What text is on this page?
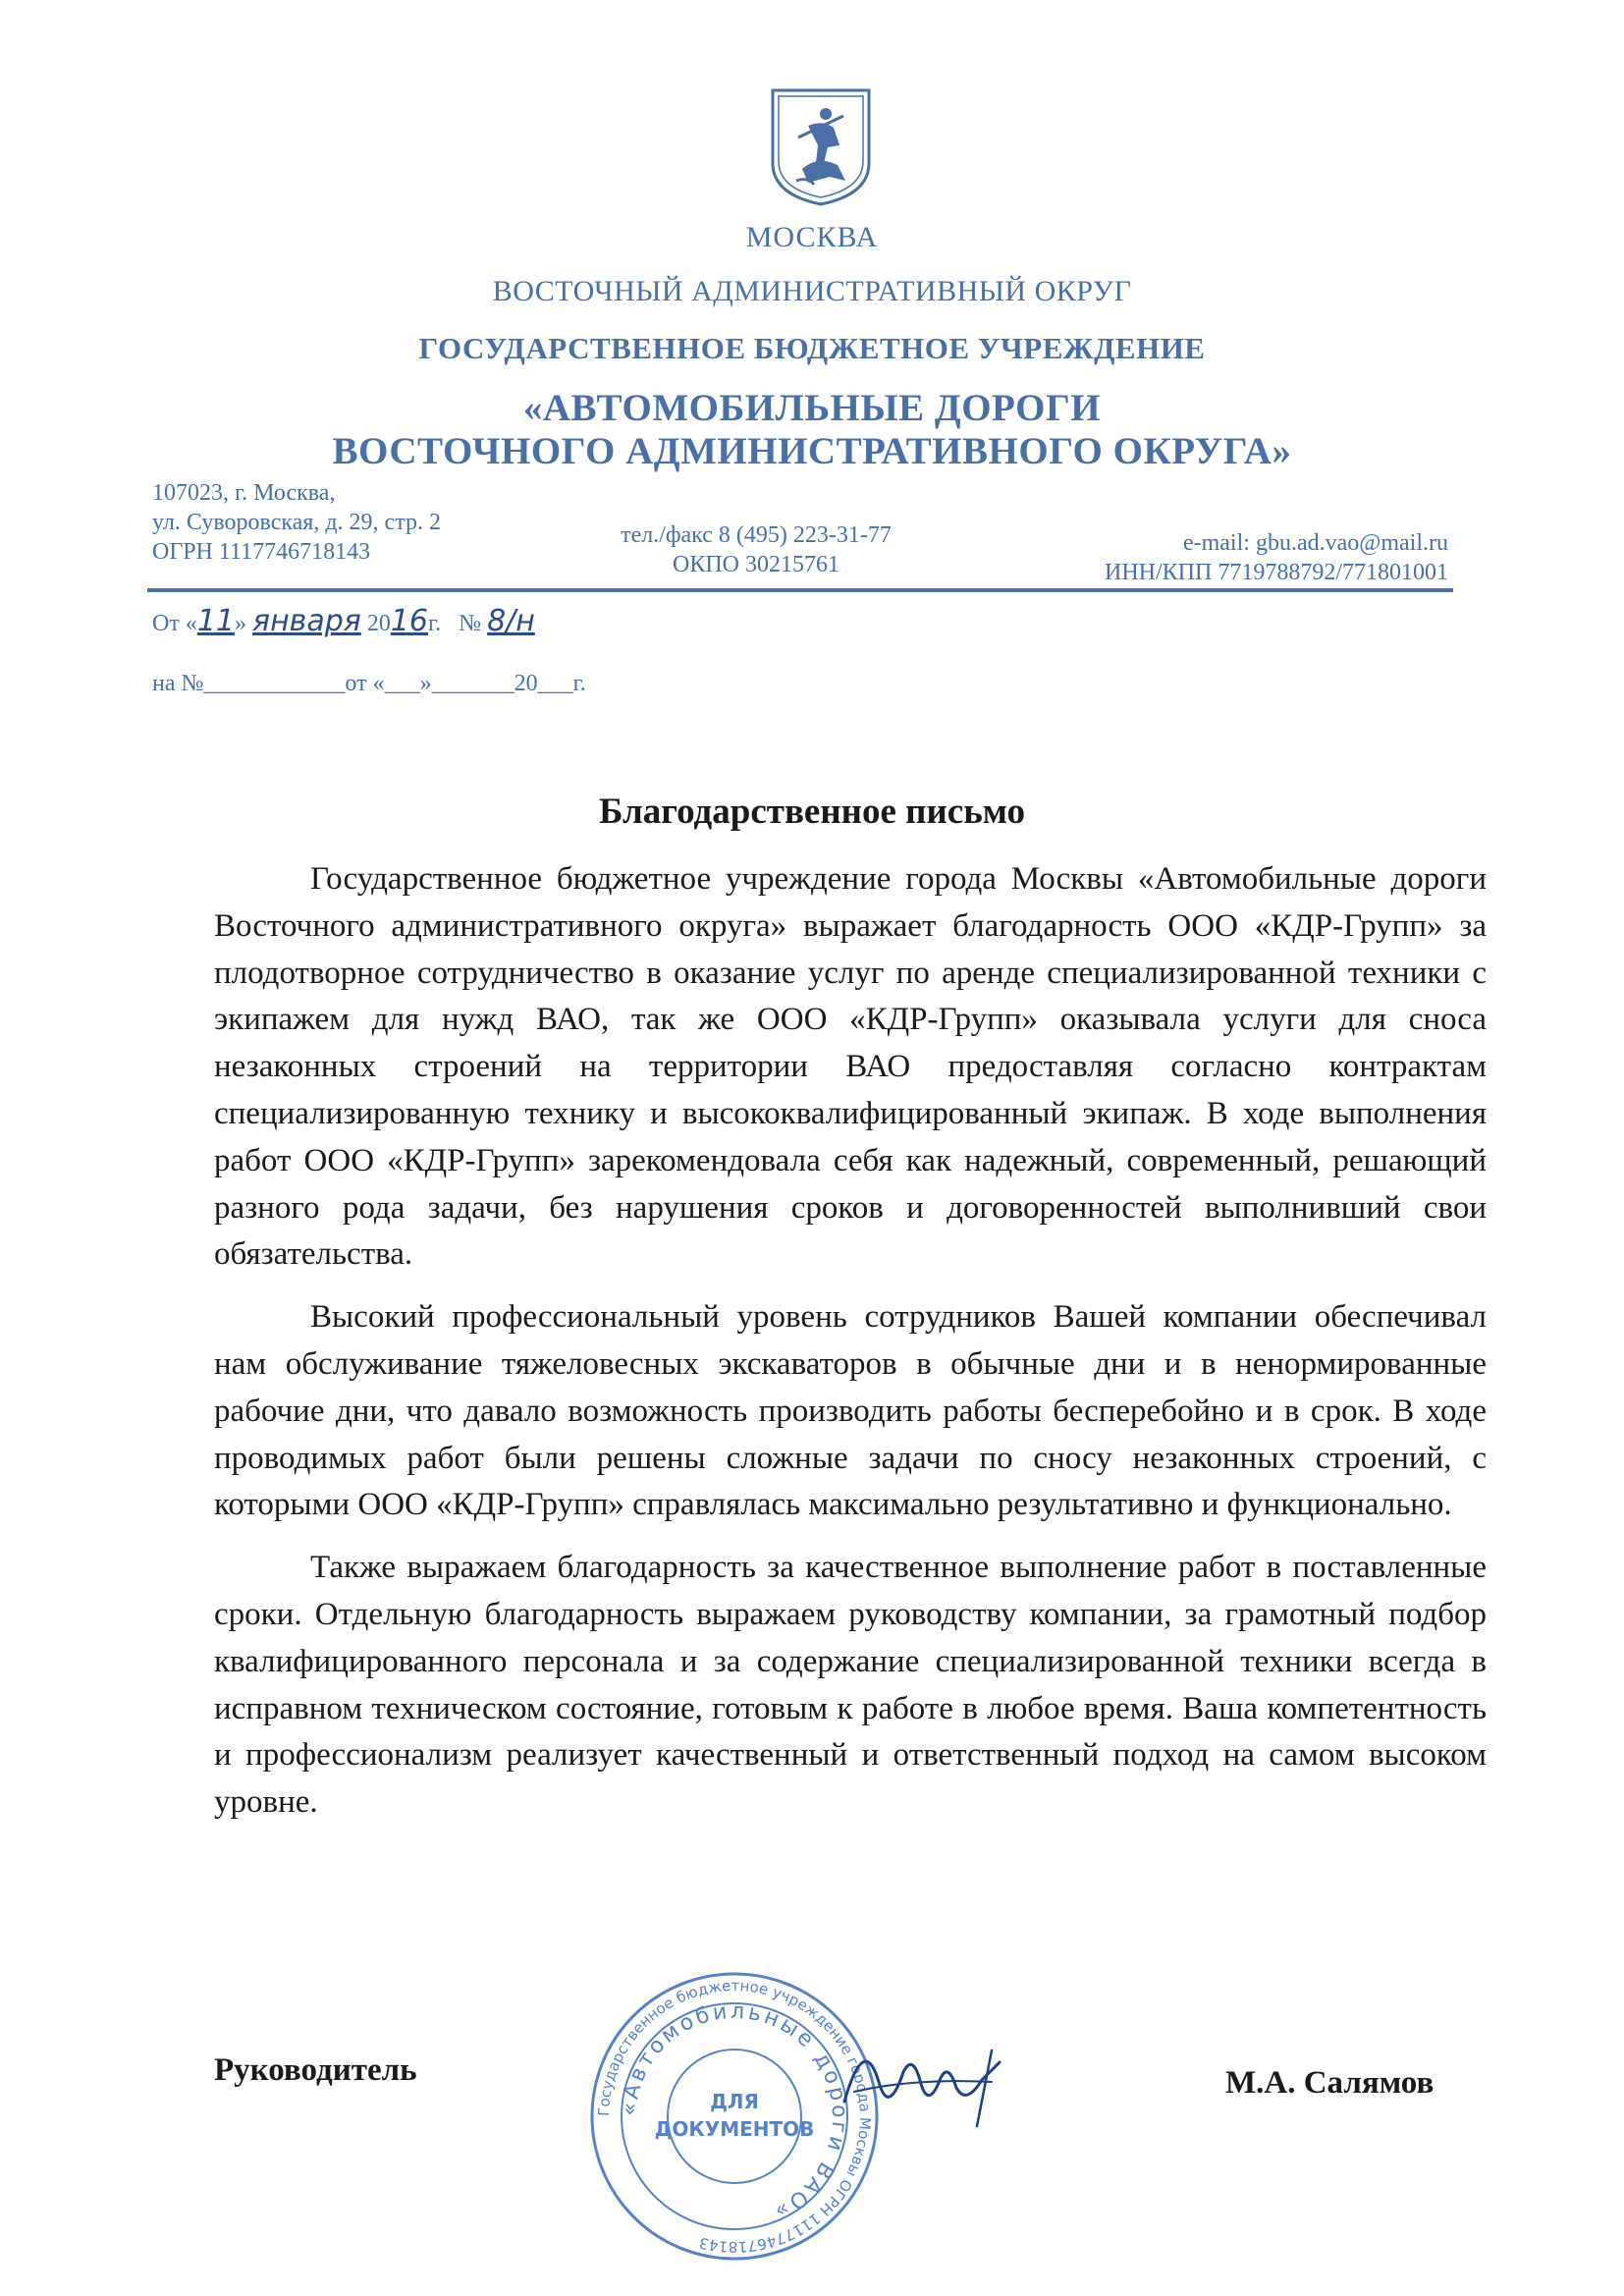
МОСКВА
ВОСТОЧНЫЙ АДМИНИСТРАТИВНЫЙ ОКРУГ
ГОСУДАРСТВЕННОЕ БЮДЖЕТНОЕ УЧРЕЖДЕНИЕ
«АВТОМОБИЛЬНЫЕ ДОРОГИ
ВОСТОЧНОГО АДМИНИСТРАТИВНОГО ОКРУГА»
107023, г. Москва,
ул. Суворовская, д. 29, стр. 2
ОГРН 1117746718143
тел./факс 8 (495) 223-31-77
ОКПО 30215761
e-mail: gbu.ad.vao@mail.ru
ИНН/КПП 7719788792/771801001
От «11» января 2016г. № 8/н
на №____________от «___»_______20___г.
Благодарственное письмо

Государственное бюджетное учреждение города Москвы «Автомобильные дороги Восточного административного округа» выражает благодарность ООО «КДР-Групп» за плодотворное сотрудничество в оказание услуг по аренде специализированной техники с экипажем для нужд ВАО, так же ООО «КДР-Групп» оказывала услуги для сноса незаконных строений на территории ВАО предоставляя согласно контрактам специализированную технику и высококвалифицированный экипаж. В ходе выполнения работ ООО «КДР-Групп» зарекомендовала себя как надежный, современный, решающий разного рода задачи, без нарушения сроков и договоренностей выполнивший свои обязательства.

Высокий профессиональный уровень сотрудников Вашей компании обеспечивал нам обслуживание тяжеловесных экскаваторов в обычные дни и в ненормированные рабочие дни, что давало возможность производить работы бесперебойно и в срок. В ходе проводимых работ были решены сложные задачи по сносу незаконных строений, с которыми ООО «КДР-Групп» справлялась максимально результативно и функционально.

Также выражаем благодарность за качественное выполнение работ в поставленные сроки. Отдельную благодарность выражаем руководству компании, за грамотный подбор квалифицированного персонала и за содержание специализированной техники всегда в исправном техническом состояние, готовым к работе в любое время. Ваша компетентность и профессионализм реализует качественный и ответственный подход на самом высоком уровне.

Государственное бюджетное учреждение города Москвы ОГРН 1117746718143
«Автомобильные дороги ВАО»
ДЛЯ
ДОКУМЕНТОВ
Руководитель	М.А. Салямов
